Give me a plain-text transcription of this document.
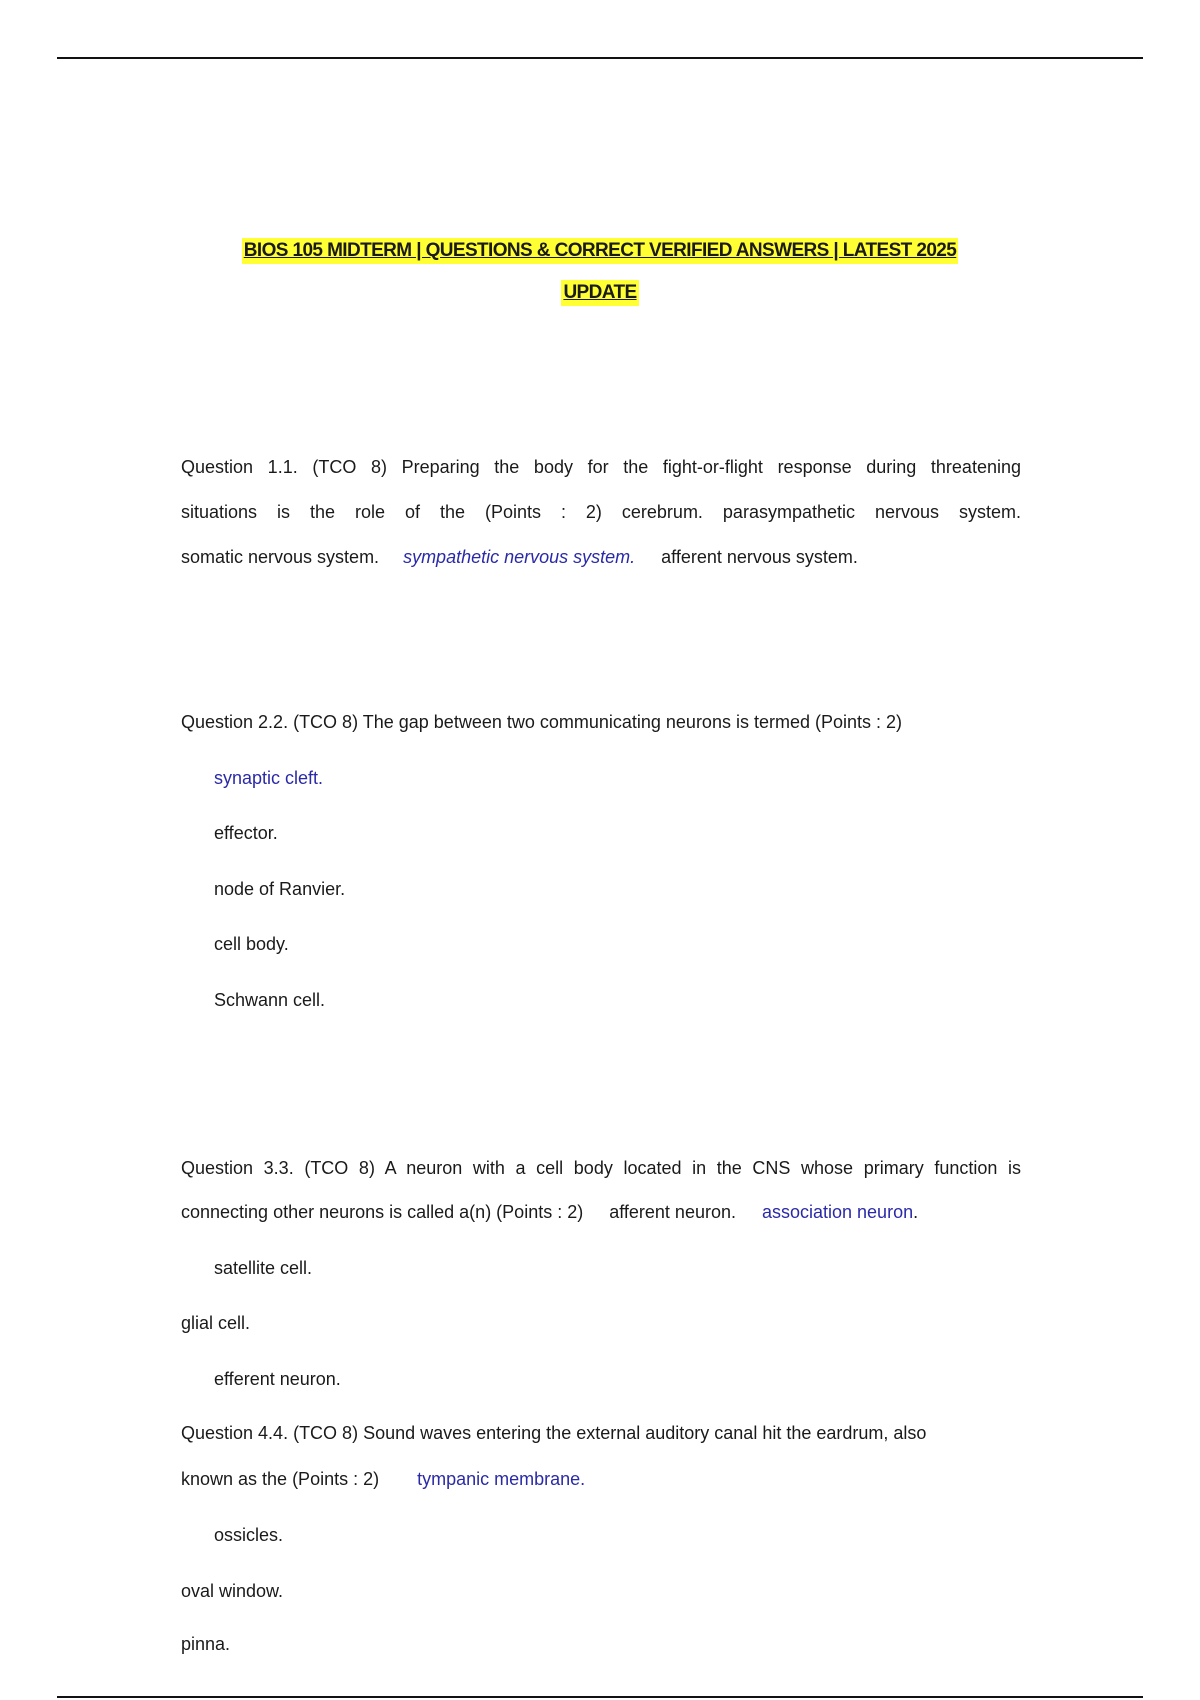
BIOS 105 MIDTERM | QUESTIONS & CORRECT VERIFIED ANSWERS | LATEST 2025
UPDATE
Question 1.1. (TCO 8) Preparing the body for the fight-or-flight response during threatening
situations is the role of the (Points : 2) cerebrum. parasympathetic nervous system.
somatic nervous system. sympathetic nervous system. afferent nervous system.
Question 2.2. (TCO 8) The gap between two communicating neurons is termed (Points : 2)
synaptic cleft.
effector.
node of Ranvier.
cell body.
Schwann cell.
Question 3.3. (TCO 8) A neuron with a cell body located in the CNS whose primary function is
connecting other neurons is called a(n) (Points : 2) afferent neuron. association neuron.
satellite cell.
glial cell.
efferent neuron.
Question 4.4. (TCO 8) Sound waves entering the external auditory canal hit the eardrum, also
known as the (Points : 2) tympanic membrane.
ossicles.
oval window.
pinna.
